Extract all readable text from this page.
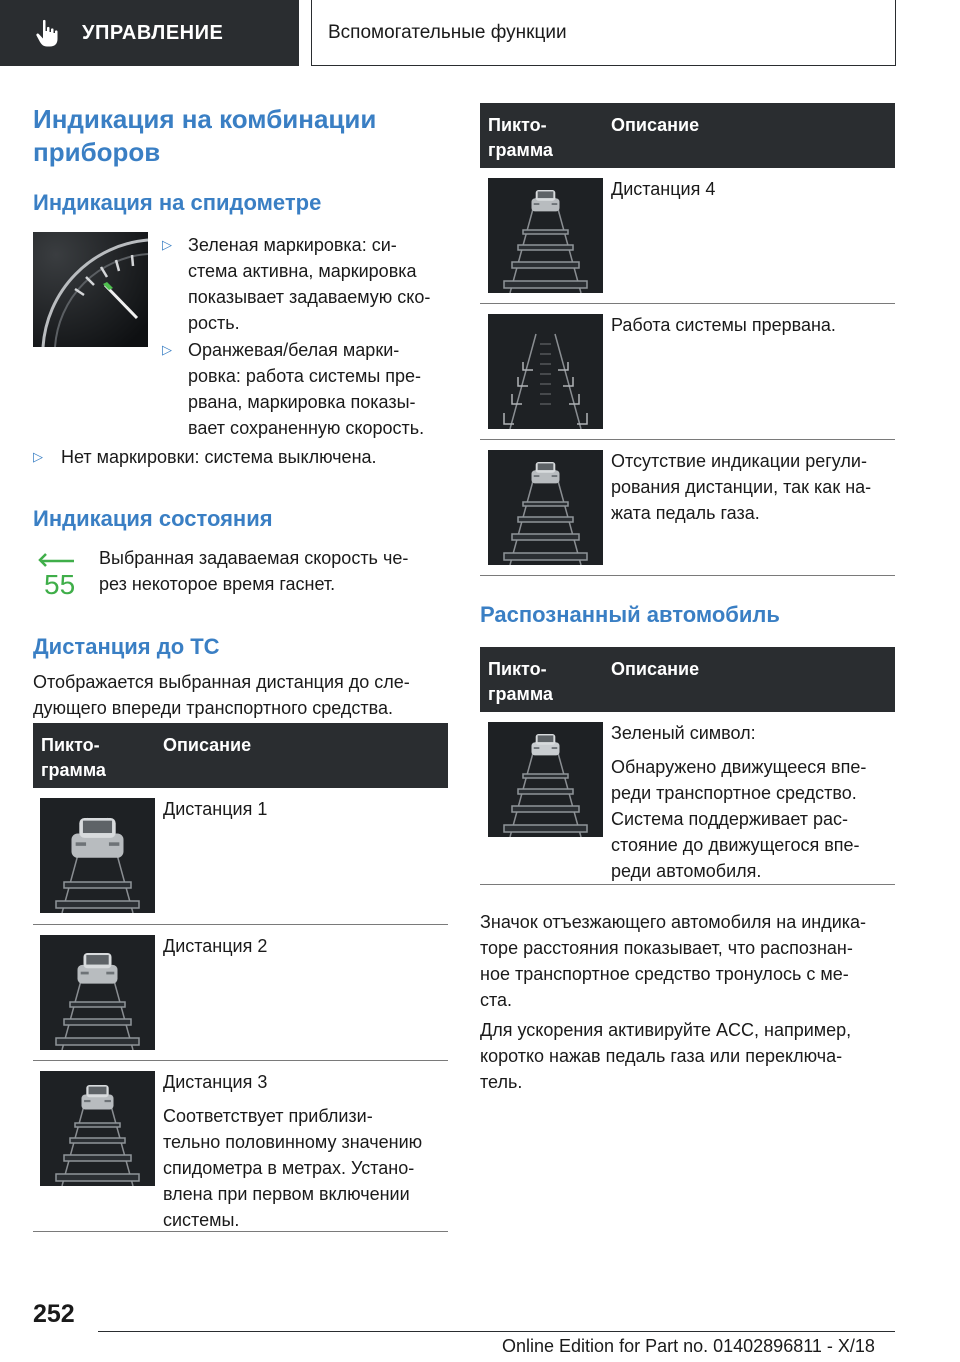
УПРАВЛЕНИЕ	Вспомогательные функции
Индикация на комбинации
приборов
Индикация на спидометре
▷ Зеленая маркировка: си-
стема активна, маркировка
показывает задаваемую ско-
рость.
▷ Оранжевая/белая марки-
ровка: работа системы пре-
рвана, маркировка показы-
вает сохраненную скорость.
▷ Нет маркировки: система выключена.
Индикация состояния
55
Выбранная задаваемая скорость че-
рез некоторое время гаснет.
Дистанция до ТС
Отображается выбранная дистанция до сле-
дующего впереди транспортного средства.
Пикто-
грамма
Описание
Дистанция 1
Дистанция 2
Дистанция 3
Соответствует приблизи-
тельно половинному значению
спидометра в метрах. Устано-
влена при первом включении
системы.
Пикто-
грамма
Описание
Дистанция 4
Работа системы прервана.
Отсутствие индикации регули-
рования дистанции, так как на-
жата педаль газа.
Распознанный автомобиль
Пикто-
грамма
Описание
Зеленый символ:
Обнаружено движущееся впе-
реди транспортное средство.
Система поддерживает рас-
стояние до движущегося впе-
реди автомобиля.
Значок отъезжающего автомобиля на индика-
торе расстояния показывает, что распознан-
ное транспортное средство тронулось с ме-
ста.
Для ускорения активируйте ACC, например,
коротко нажав педаль газа или переключа-
тель.
252
Online Edition for Part no. 01402896811 - X/18
